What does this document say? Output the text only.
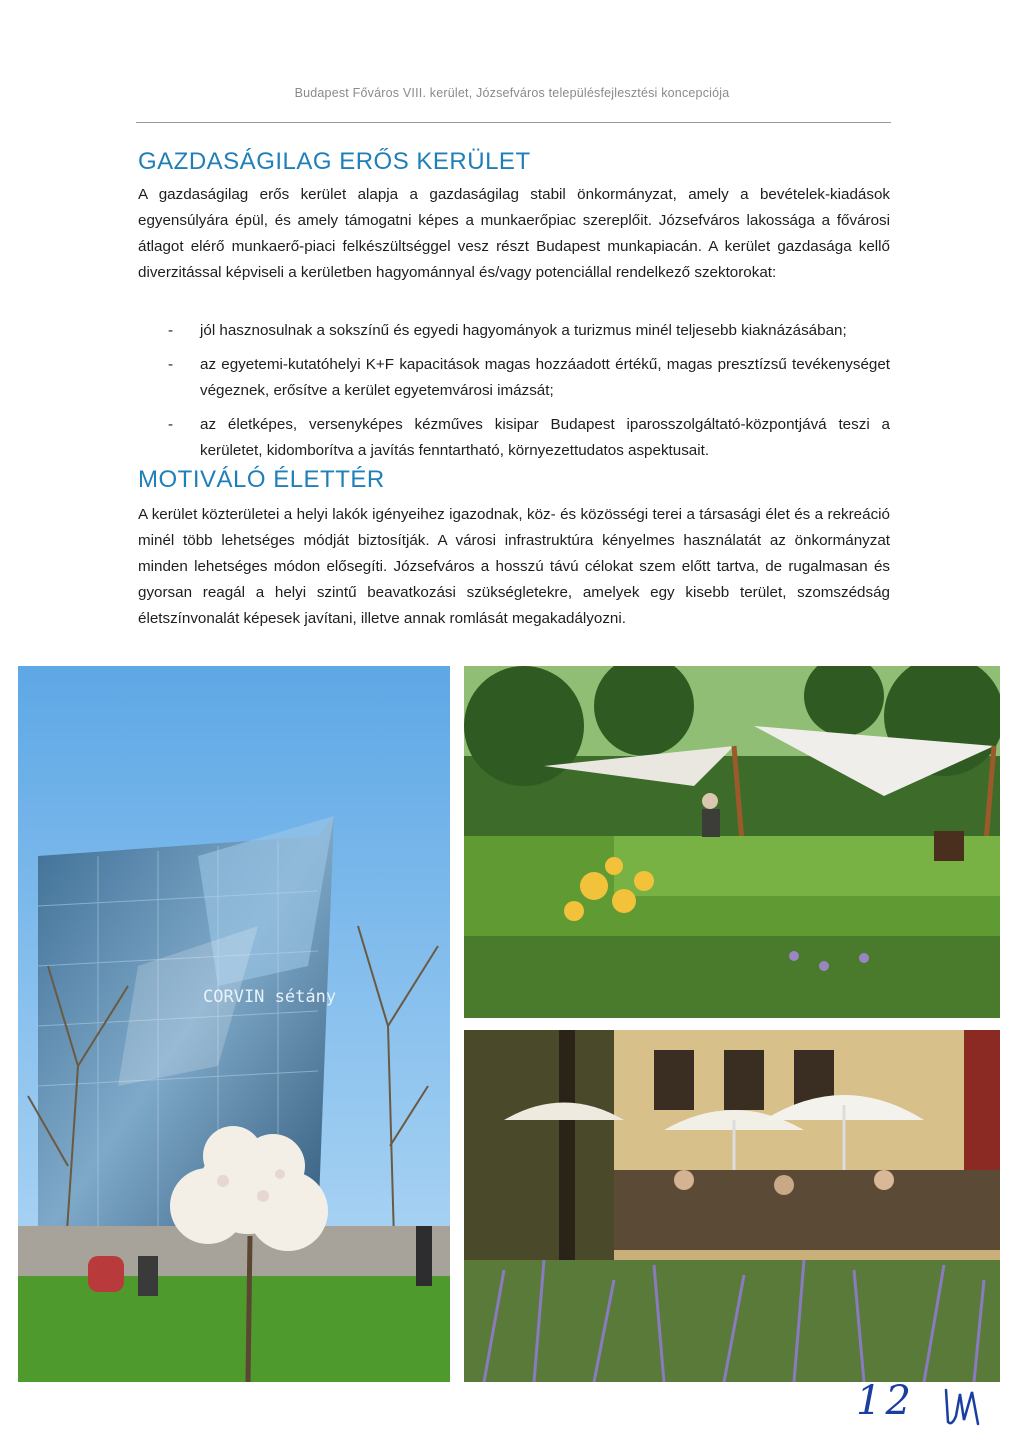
Budapest Főváros VIII. kerület, Józsefváros településfejlesztési koncepciója
GAZDASÁGILAG ERŐS KERÜLET

A gazdaságilag erős kerület alapja a gazdaságilag stabil önkormányzat, amely a bevételek-kiadások egyensúlyára épül, és amely támogatni képes a munkaerőpiac szereplőit. Józsefváros lakossága a fővárosi átlagot elérő munkaerő-piaci felkészültséggel vesz részt Budapest munkapiacán. A kerület gazdasága kellő diverzitással képviseli a kerületben hagyománnyal és/vagy potenciállal rendelkező szektorokat:

- jól hasznosulnak a sokszínű és egyedi hagyományok a turizmus minél teljesebb kiaknázásában;
- az egyetemi-kutatóhelyi K+F kapacitások magas hozzáadott értékű, magas presztízsű tevékenységet végeznek, erősítve a kerület egyetemvárosi imázsát;
- az életképes, versenyképes kézműves kisipar Budapest iparosszolgáltató-központjává teszi a kerületet, kidomborítva a javítás fenntartható, környezettudatos aspektusait.
MOTIVÁLÓ ÉLETTÉR

A kerület közterületei a helyi lakók igényeihez igazodnak, köz- és közösségi terei a társasági élet és a rekreáció minél több lehetséges módját biztosítják. A városi infrastruktúra kényelmes használatát az önkormányzat minden lehetséges módon elősegíti. Józsefváros a hosszú távú célokat szem előtt tartva, de rugalmasan és gyorsan reagál a helyi szintű beavatkozási szükségletekre, amelyek egy kisebb terület, szomszédság életszínvonalát képesek javítani, illetve annak romlását megakadályozni.

CORVIN sétány
12
